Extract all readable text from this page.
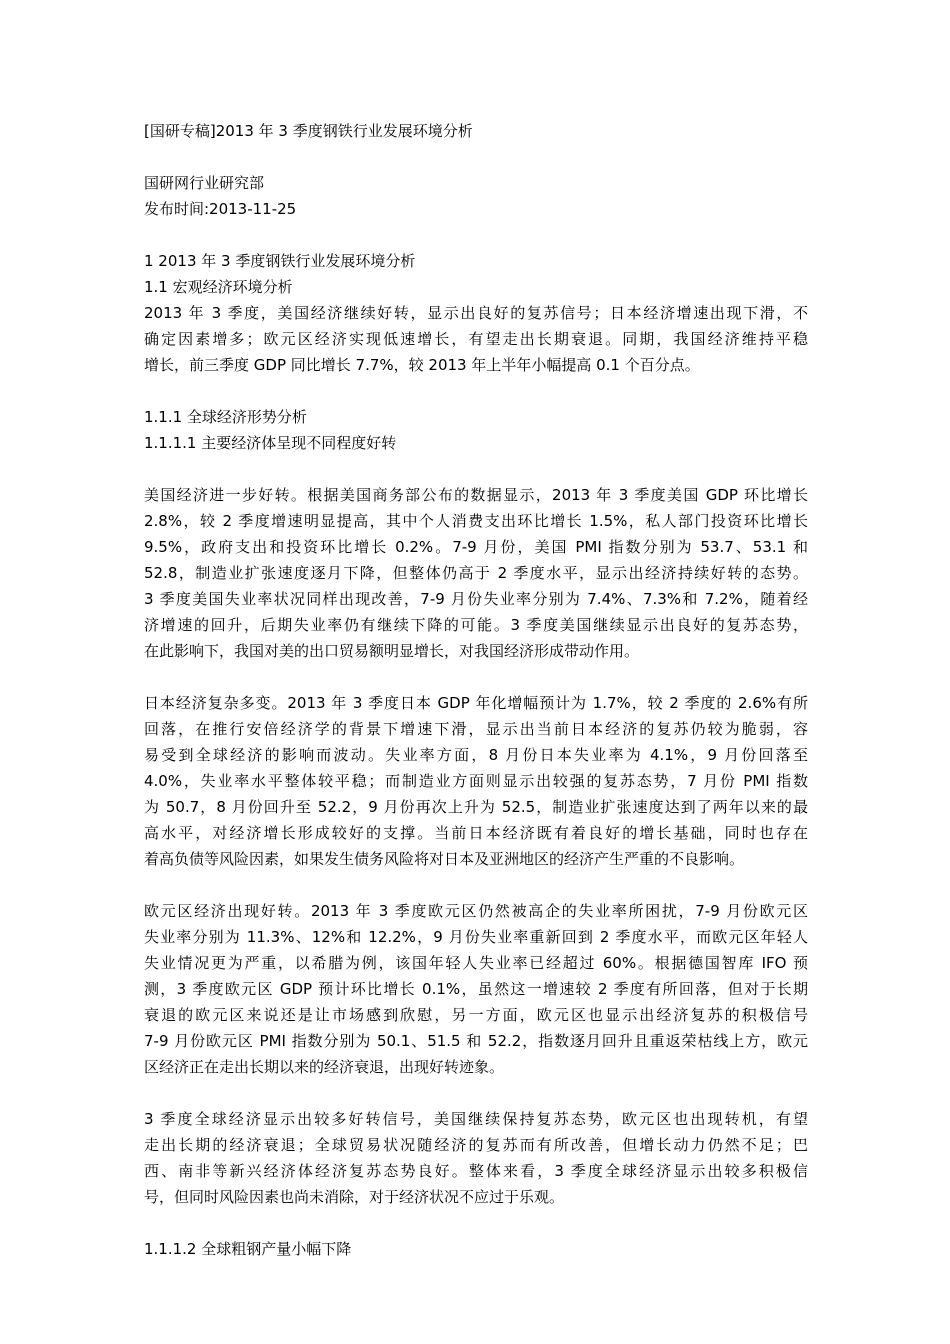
[国研专稿]2013 年 3 季度钢铁行业发展环境分析
国研网行业研究部
发布时间:2013-11-25
1 2013 年 3 季度钢铁行业发展环境分析
1.1 宏观经济环境分析
2013 年 3 季度，美国经济继续好转，显示出良好的复苏信号；日本经济增速出现下滑，不
确定因素增多；欧元区经济实现低速增长，有望走出长期衰退。同期，我国经济维持平稳
增长，前三季度 GDP 同比增长 7.7%，较 2013 年上半年小幅提高 0.1 个百分点。
1.1.1 全球经济形势分析
1.1.1.1 主要经济体呈现不同程度好转
美国经济进一步好转。根据美国商务部公布的数据显示，2013 年 3 季度美国 GDP 环比增长
2.8%，较 2 季度增速明显提高，其中个人消费支出环比增长 1.5%，私人部门投资环比增长
9.5%，政府支出和投资环比增长 0.2%。7-9 月份，美国 PMI 指数分别为 53.7、53.1 和
52.8，制造业扩张速度逐月下降，但整体仍高于 2 季度水平，显示出经济持续好转的态势。
3 季度美国失业率状况同样出现改善，7-9 月份失业率分别为 7.4%、7.3%和 7.2%，随着经
济增速的回升，后期失业率仍有继续下降的可能。3 季度美国继续显示出良好的复苏态势，
在此影响下，我国对美的出口贸易额明显增长，对我国经济形成带动作用。
日本经济复杂多变。2013 年 3 季度日本 GDP 年化增幅预计为 1.7%，较 2 季度的 2.6%有所
回落，在推行安倍经济学的背景下增速下滑，显示出当前日本经济的复苏仍较为脆弱，容
易受到全球经济的影响而波动。失业率方面，8 月份日本失业率为 4.1%，9 月份回落至
4.0%，失业率水平整体较平稳；而制造业方面则显示出较强的复苏态势，7 月份 PMI 指数
为 50.7，8 月份回升至 52.2，9 月份再次上升为 52.5，制造业扩张速度达到了两年以来的最
高水平，对经济增长形成较好的支撑。当前日本经济既有着良好的增长基础，同时也存在
着高负债等风险因素，如果发生债务风险将对日本及亚洲地区的经济产生严重的不良影响。
欧元区经济出现好转。2013 年 3 季度欧元区仍然被高企的失业率所困扰，7-9 月份欧元区
失业率分别为 11.3%、12%和 12.2%，9 月份失业率重新回到 2 季度水平，而欧元区年轻人
失业情况更为严重，以希腊为例，该国年轻人失业率已经超过 60%。根据德国智库 IFO 预
测，3 季度欧元区 GDP 预计环比增长 0.1%，虽然这一增速较 2 季度有所回落，但对于长期
衰退的欧元区来说还是让市场感到欣慰，另一方面，欧元区也显示出经济复苏的积极信号
7-9 月份欧元区 PMI 指数分别为 50.1、51.5 和 52.2，指数逐月回升且重返荣枯线上方，欧元
区经济正在走出长期以来的经济衰退，出现好转迹象。
3 季度全球经济显示出较多好转信号，美国继续保持复苏态势，欧元区也出现转机，有望
走出长期的经济衰退；全球贸易状况随经济的复苏而有所改善，但增长动力仍然不足；巴
西、南非等新兴经济体经济复苏态势良好。整体来看，3 季度全球经济显示出较多积极信
号，但同时风险因素也尚未消除，对于经济状况不应过于乐观。
1.1.1.2 全球粗钢产量小幅下降
